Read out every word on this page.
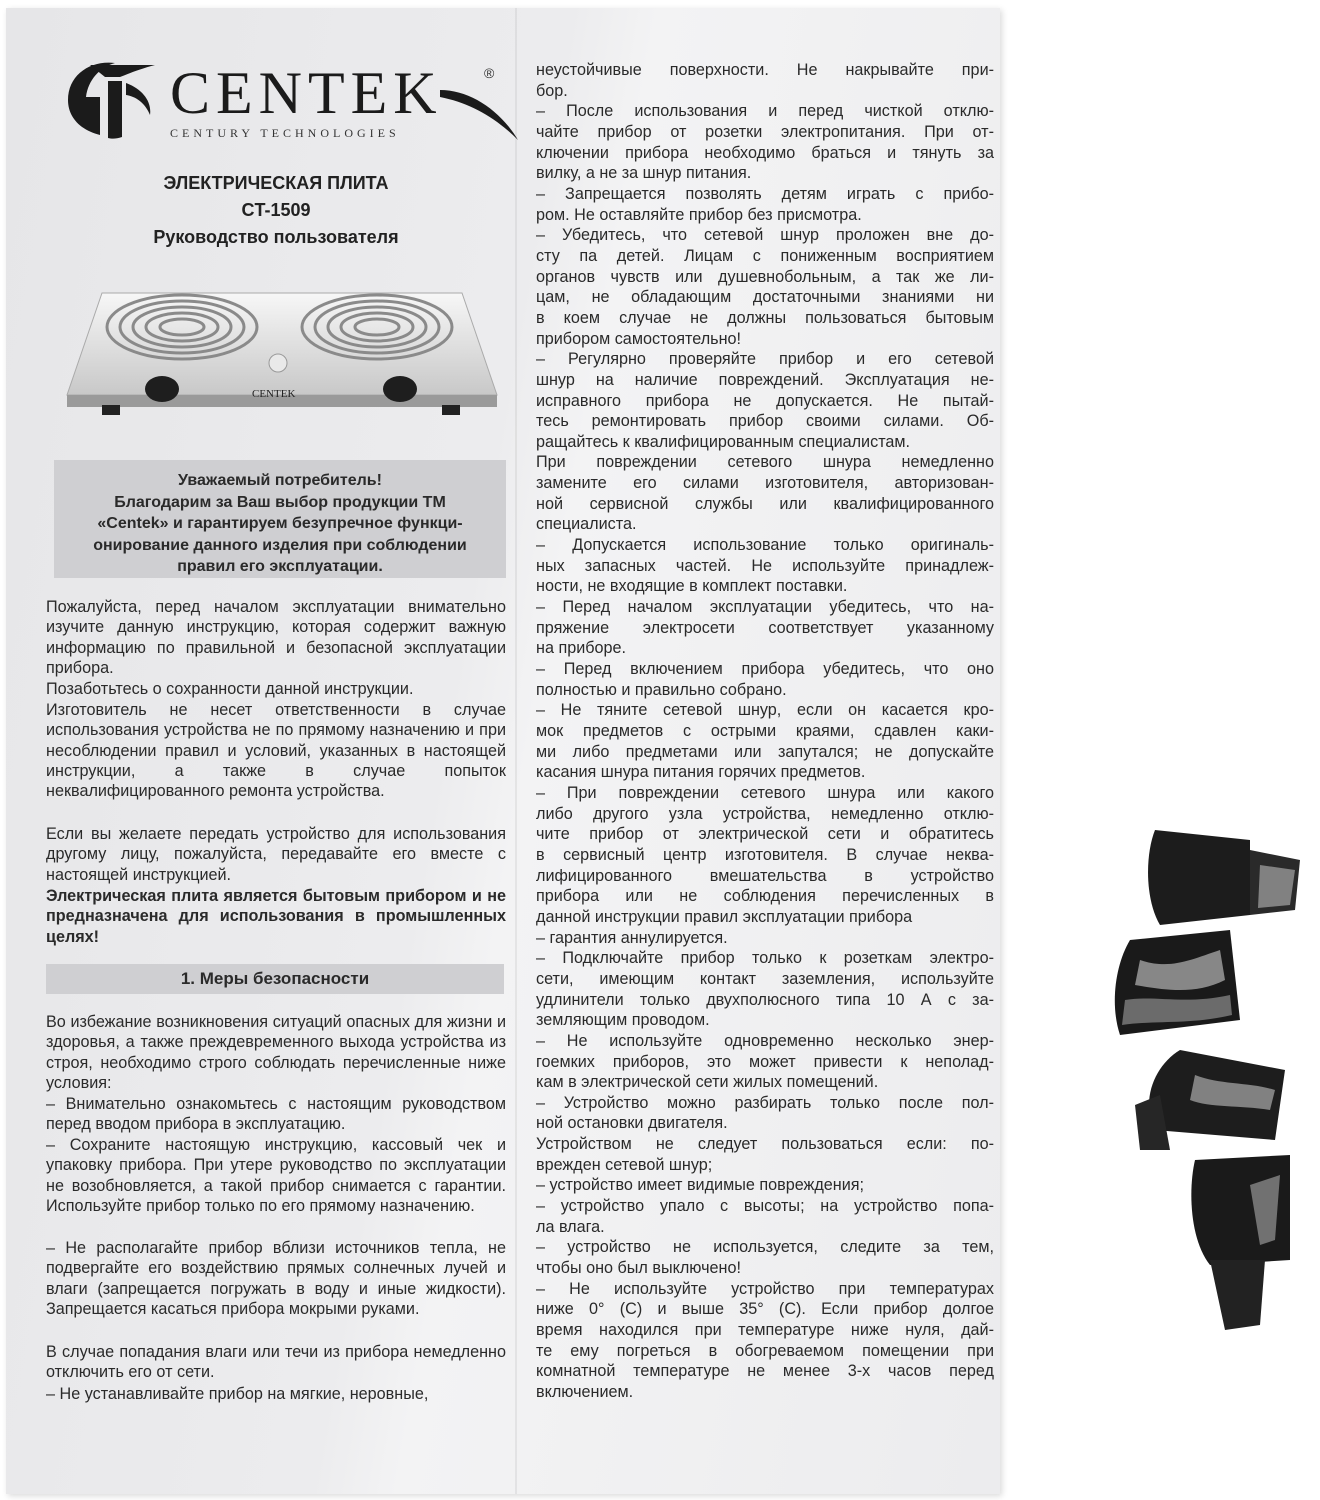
CENTEK	®
CENTURY TECHNOLOGIES
ЭЛЕКТРИЧЕСКАЯ ПЛИТА
CT-1509
Руководство пользователя
CENTEK
Уважаемый потребитель!
Благодарим за Ваш выбор продукции ТМ
«Centek» и гарантируем безупречное функци-
онирование данного изделия при соблюдении
правил его эксплуатации.

Пожалуйста, перед началом эксплуатации внимательно изучите данную инструкцию, которая содержит важную информацию по правильной и безопасной эксплуатации прибора.

Позаботьтесь о сохранности данной инструкции.

Изготовитель не несет ответственности в случае использования устройства не по прямому назначению и при несоблюдении правил и условий, указанных в настоящей инструкции, а также в случае попыток неквалифицированного ремонта устройства.

Если вы желаете передать устройство для использования другому лицу, пожалуйста, передавайте его вместе с настоящей инструкцией.

Электрическая плита является бытовым прибором и не предназначена для использования в промышленных целях!

1. Меры безопасности

Во избежание возникновения ситуаций опасных для жизни и здоровья, а также преждевременного выхода устройства из строя, необходимо строго соблюдать перечисленные ниже условия:

– Внимательно ознакомьтесь с настоящим руководством перед вводом прибора в эксплуатацию.

– Сохраните настоящую инструкцию, кассовый чек и упаковку прибора. При утере руководство по эксплуатации не возобновляется, а такой прибор снимается с гарантии. Используйте прибор только по его прямому назначению.

– Не располагайте прибор вблизи источников тепла, не подвергайте его воздействию прямых солнечных лучей и влаги (запрещается погружать в воду и иные жидкости). Запрещается касаться прибора мокрыми руками.

В случае попадания влаги или течи из прибора немедленно отключить его от сети.

– Не устанавливайте прибор на мягкие, неровные,

неустойчивые поверхности. Не накрывайте при-
бор.
– После использования и перед чисткой отклю-
чайте прибор от розетки электропитания. При от-
ключении прибора необходимо браться и тянуть за
вилку, а не за шнур питания.
– Запрещается позволять детям играть с прибо-
ром. Не оставляйте прибор без присмотра.
– Убедитесь, что сетевой шнур проложен вне до-
сту па детей. Лицам с пониженным восприятием
органов чувств или душевнобольным, а так же ли-
цам, не обладающим достаточными знаниями ни
в коем случае не должны пользоваться бытовым
прибором самостоятельно!
– Регулярно проверяйте прибор и его сетевой
шнур на наличие повреждений. Эксплуатация не-
исправного прибора не допускается. Не пытай-
тесь ремонтировать прибор своими силами. Об-
ращайтесь к квалифицированным специалистам.
При повреждении сетевого шнура немедленно
замените его силами изготовителя, авторизован-
ной сервисной службы или квалифицированного
специалиста.
– Допускается использование только оригиналь-
ных запасных частей. Не используйте принадлеж-
ности, не входящие в комплект поставки.
– Перед началом эксплуатации убедитесь, что на-
пряжение электросети соответствует указанному
на приборе.
– Перед включением прибора убедитесь, что оно
полностью и правильно собрано.
– Не тяните сетевой шнур, если он касается кро-
мок предметов с острыми краями, сдавлен каки-
ми либо предметами или запутался; не допускайте
касания шнура питания горячих предметов.
– При повреждении сетевого шнура или какого
либо другого узла устройства, немедленно отклю-
чите прибор от электрической сети и обратитесь
в сервисный центр изготовителя. В случае неква-
лифицированного вмешательства в устройство
прибора или не соблюдения перечисленных в
данной инструкции правил эксплуатации прибора
– гарантия аннулируется.
– Подключайте прибор только к розеткам электро-
сети, имеющим контакт заземления, используйте
удлинители только двухполюсного типа 10 А с за-
земляющим проводом.
– Не используйте одновременно несколько энер-
гоемких приборов, это может привести к неполад-
кам в электрической сети жилых помещений.
– Устройство можно разбирать только после пол-
ной остановки двигателя.
Устройством не следует пользоваться если: по-
врежден сетевой шнур;
– устройство имеет видимые повреждения;
– устройство упало с высоты; на устройство попа-
ла влага.
– устройство не используется, следите за тем,
чтобы оно был выключено!
– Не используйте устройство при температурах
ниже 0° (С) и выше 35° (С). Если прибор долгое
время находился при температуре ниже нуля, дай-
те ему погреться в обогреваемом помещении при
комнатной температуре не менее 3-х часов перед
включением.
